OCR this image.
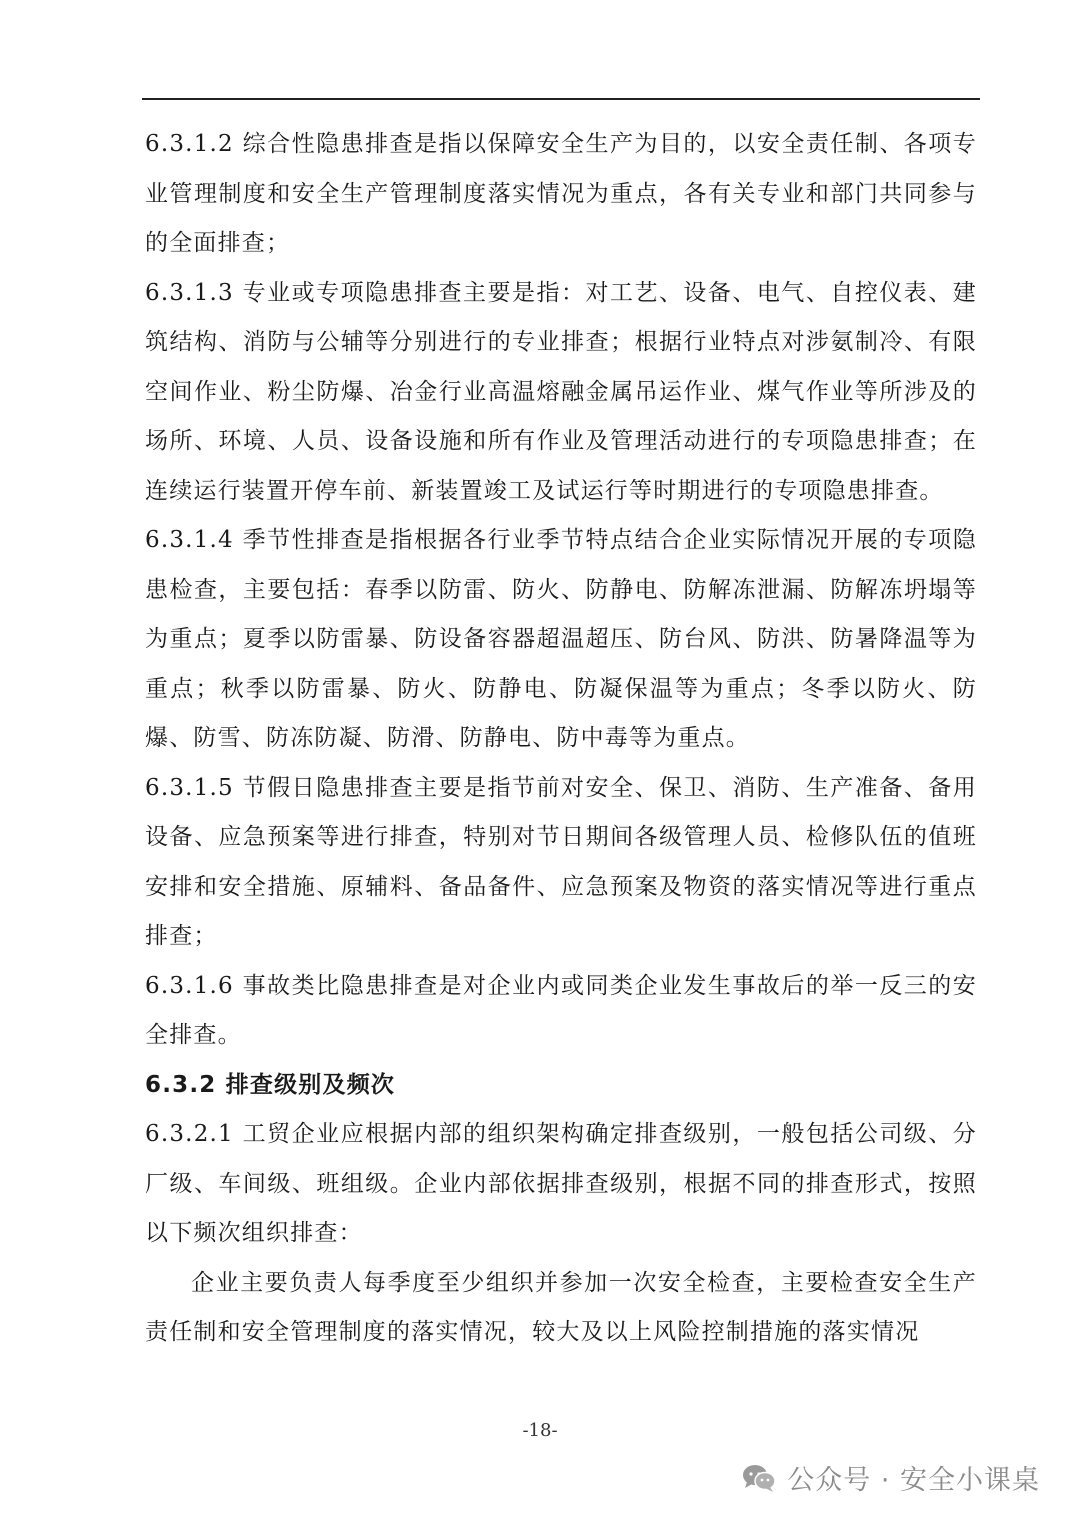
6.3.1.2 综合性隐患排查是指以保障安全生产为目的，以安全责任制、各项专业管理制度和安全生产管理制度落实情况为重点，各有关专业和部门共同参与的全面排查；

6.3.1.3 专业或专项隐患排查主要是指：对工艺、设备、电气、自控仪表、建筑结构、消防与公辅等分别进行的专业排查；根据行业特点对涉氨制冷、有限空间作业、粉尘防爆、冶金行业高温熔融金属吊运作业、煤气作业等所涉及的场所、环境、人员、设备设施和所有作业及管理活动进行的专项隐患排查；在连续运行装置开停车前、新装置竣工及试运行等时期进行的专项隐患排查。

6.3.1.4 季节性排查是指根据各行业季节特点结合企业实际情况开展的专项隐患检查，主要包括：春季以防雷、防火、防静电、防解冻泄漏、防解冻坍塌等为重点；夏季以防雷暴、防设备容器超温超压、防台风、防洪、防暑降温等为重点；秋季以防雷暴、防火、防静电、防凝保温等为重点；冬季以防火、防爆、防雪、防冻防凝、防滑、防静电、防中毒等为重点。

6.3.1.5 节假日隐患排查主要是指节前对安全、保卫、消防、生产准备、备用设备、应急预案等进行排查，特别对节日期间各级管理人员、检修队伍的值班安排和安全措施、原辅料、备品备件、应急预案及物资的落实情况等进行重点排查；

6.3.1.6 事故类比隐患排查是对企业内或同类企业发生事故后的举一反三的安全排查。

6.3.2 排查级别及频次

6.3.2.1 工贸企业应根据内部的组织架构确定排查级别，一般包括公司级、分厂级、车间级、班组级。企业内部依据排查级别，根据不同的排查形式，按照以下频次组织排查：

企业主要负责人每季度至少组织并参加一次安全检查，主要检查安全生产责任制和安全管理制度的落实情况，较大及以上风险控制措施的落实情况

-18-
公众号 · 安全小课桌
